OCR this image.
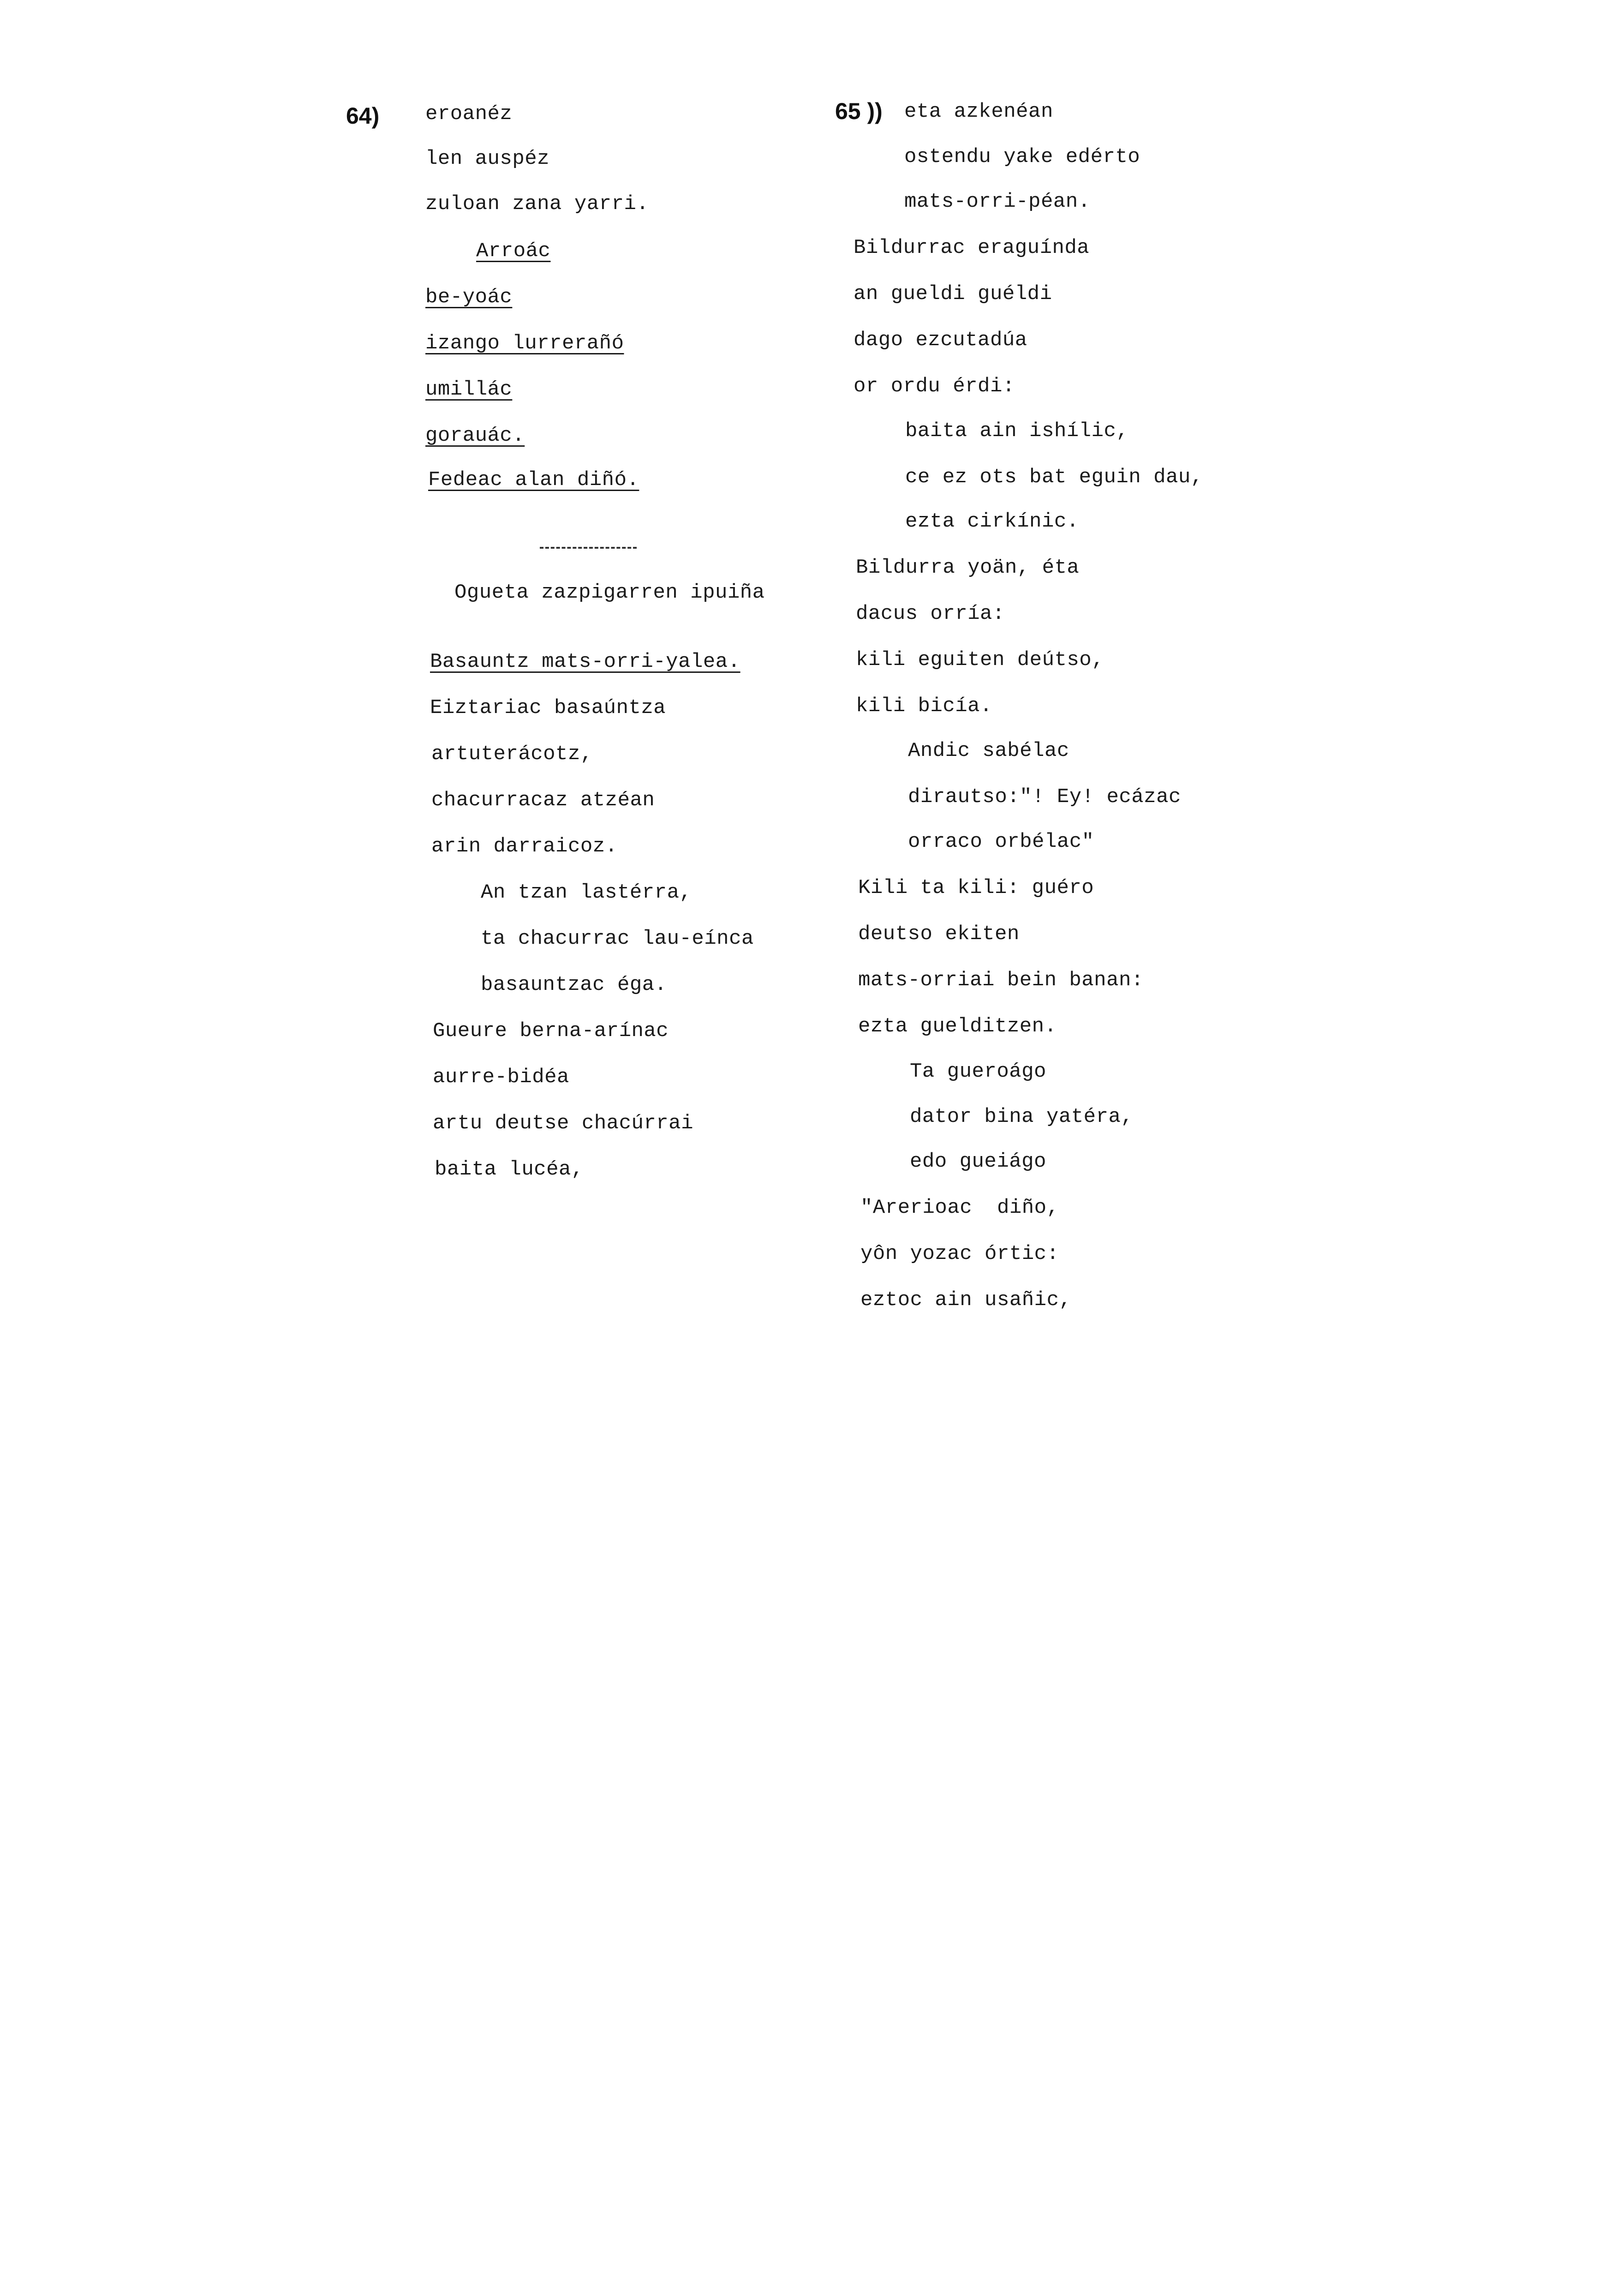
64) eroanéz
len auspéz
zuloan zana yarri.
Arroác
be-yoác
izango lurrerañó
umillác
gorauác.
Fedeac alan diñó.
Ogueta zazpigarren ipuiña
Basauntz mats-orri-yalea.
Eiztariac basaúntza
artuterácotz,
chacurracaz atzéan
arin darraicoz.
An tzan lastérra,
ta chacurrac lau-eínca
basauntzac éga.
Gueure berna-arínac
aurre-bidéa
artu deutse chacúrrai
baita lucéa,
65 )) eta azkenéan
ostendu yake edérto
mats-orri-péan.
Bildurrac eraguínda
an gueldi guéldi
dago ezcutadúa
or ordu érdi:
baita ain ishílic,
ce ez ots bat eguin dau,
ezta cirkínic.
Bildurra yoän, éta
dacus orría:
kili eguiten deútso,
kili bicía.
Andic sabélac
dirautso:"! Ey! ecázac
orraco orbélac"
Kili ta kili: guéro
deutso ekiten
mats-orriai bein banan:
ezta guelditzen.
Ta gueroágo
dator bina yatéra,
edo gueiágo
"Arerioac  diño,
yôn yozac órtic:
eztoc ain usañic,
